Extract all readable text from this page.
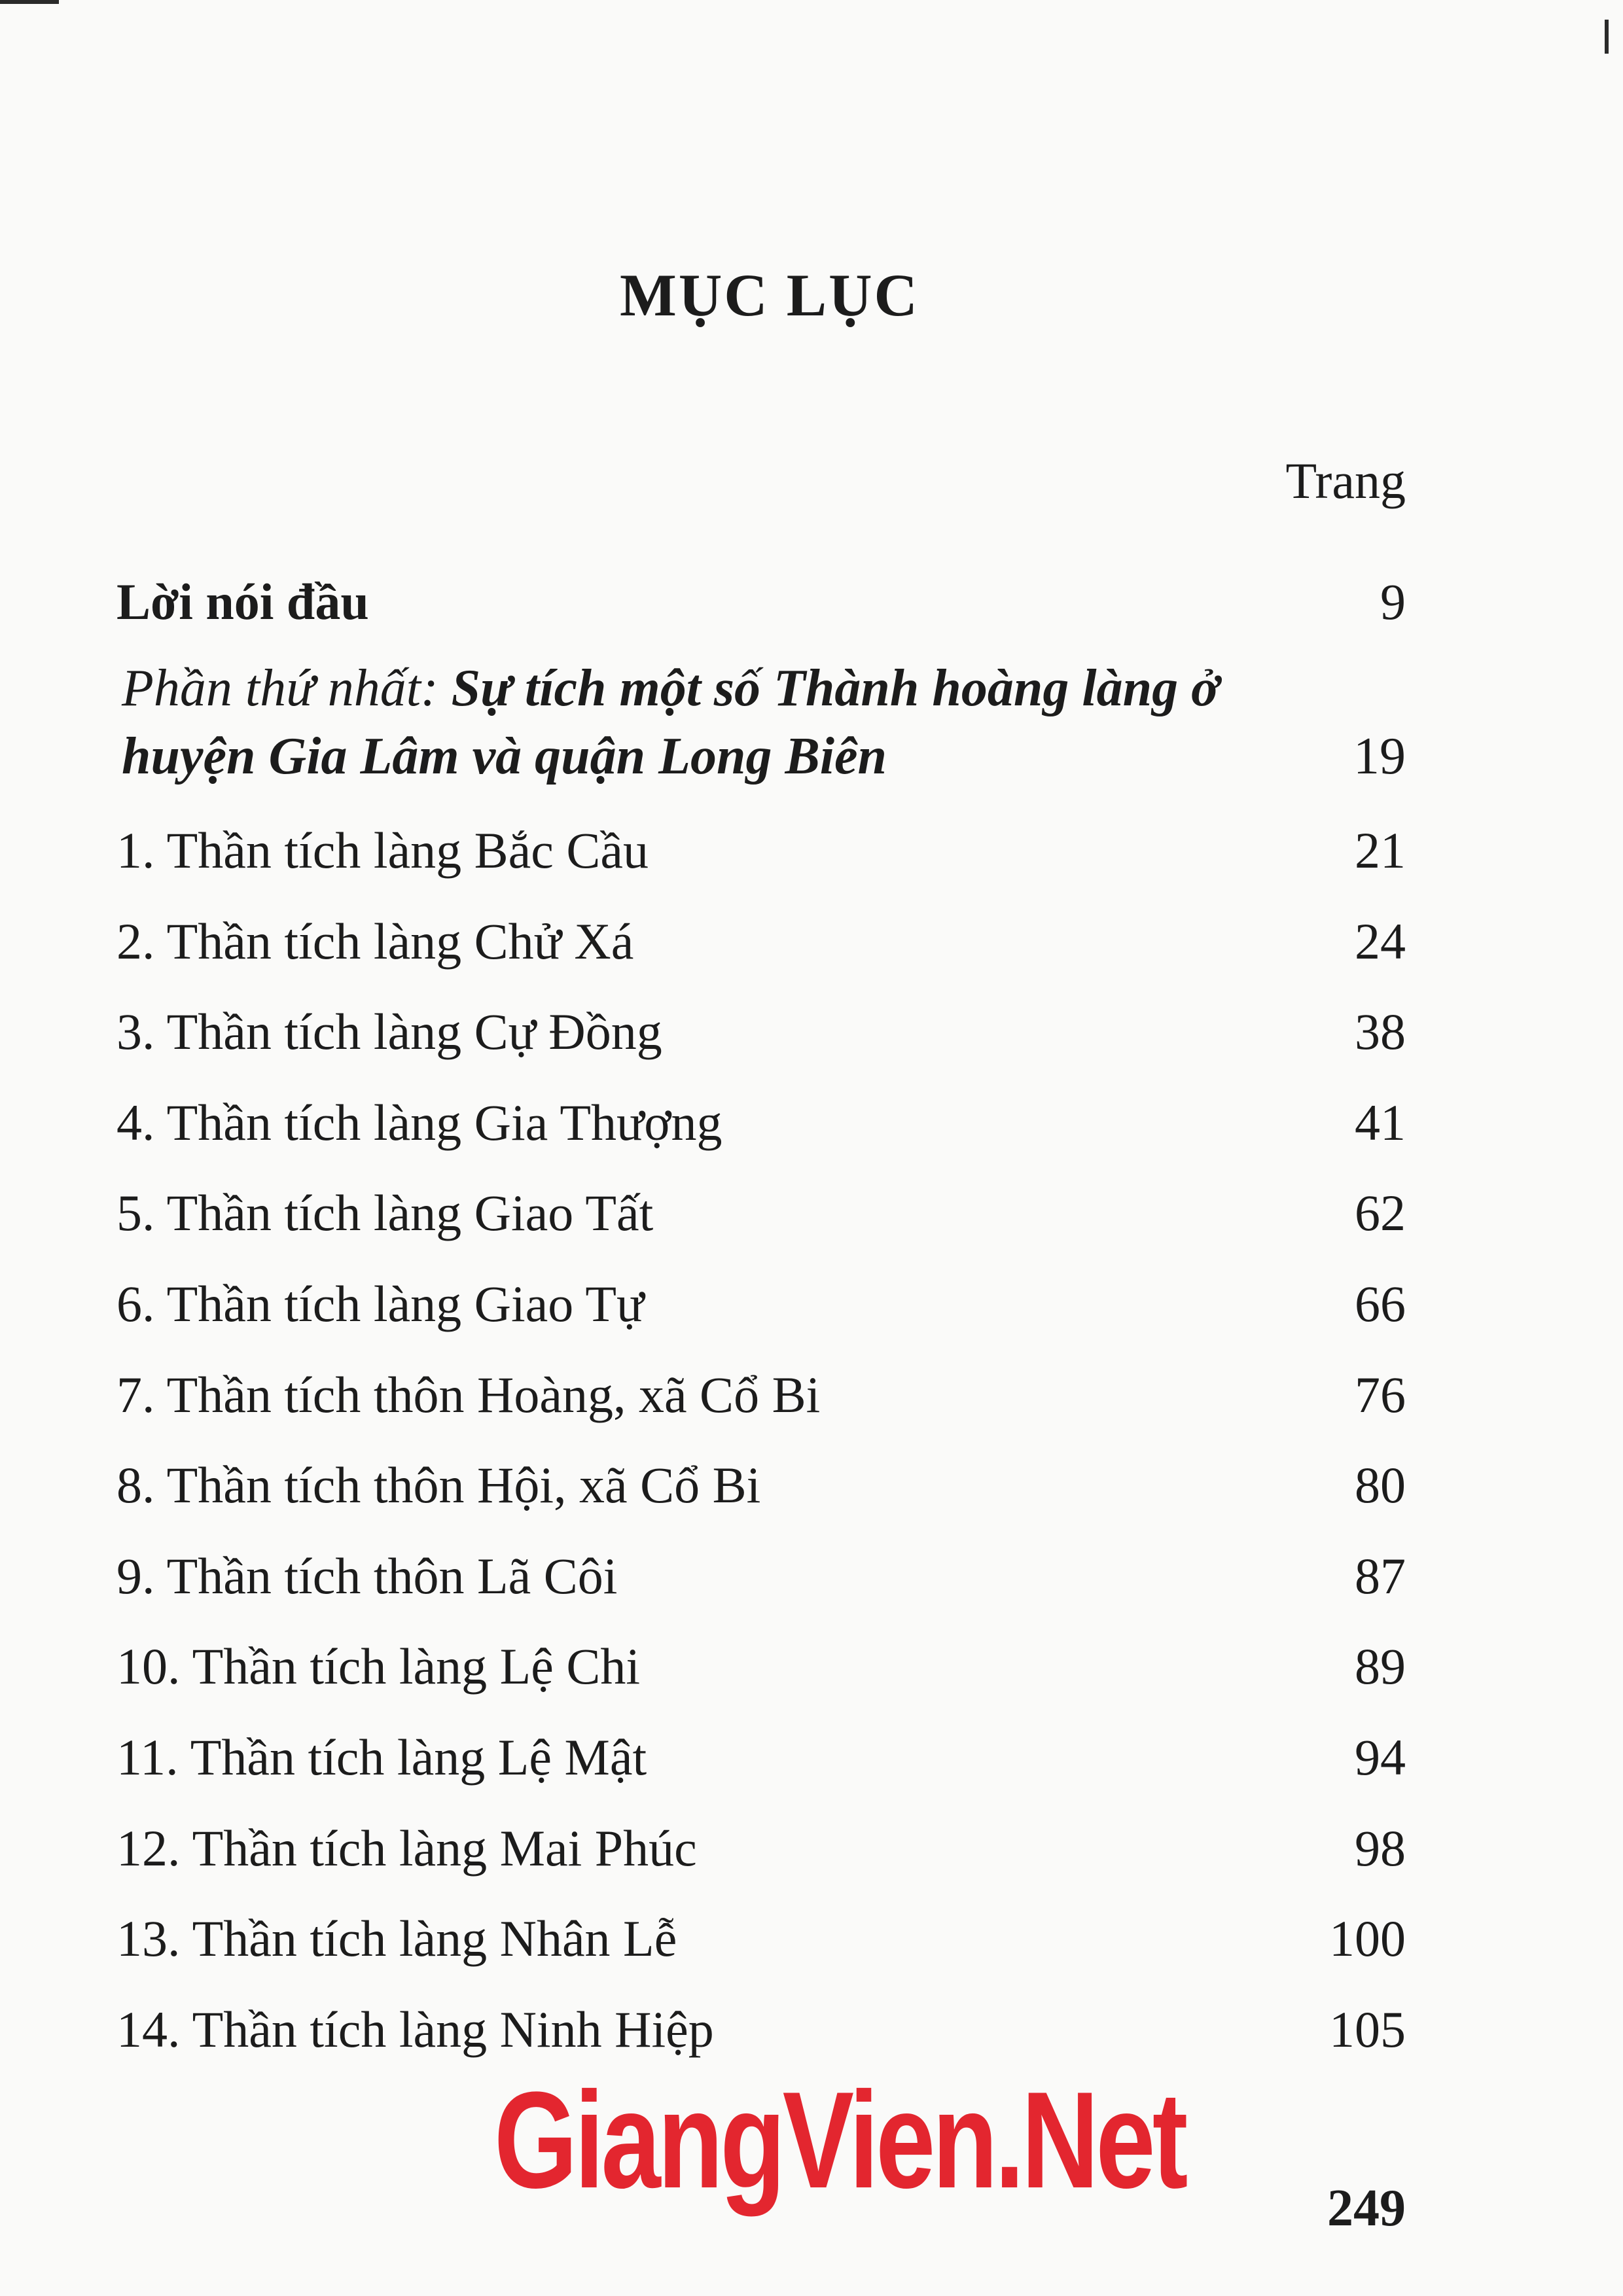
MỤC LỤC
Trang
Lời nói đầu	9
Phần thứ nhất: Sự tích một số Thành hoàng làng ở
huyện Gia Lâm và quận Long Biên	19
1. Thần tích làng Bắc Cầu	21
2. Thần tích làng Chử Xá	24
3. Thần tích làng Cự Đồng	38
4. Thần tích làng Gia Thượng	41
5. Thần tích làng Giao Tất	62
6. Thần tích làng Giao Tự	66
7. Thần tích thôn Hoàng, xã Cổ Bi	76
8. Thần tích thôn Hội, xã Cổ Bi	80
9. Thần tích thôn Lã Côi	87
10. Thần tích làng Lệ Chi	89
11. Thần tích làng Lệ Mật	94
12. Thần tích làng Mai Phúc	98
13. Thần tích làng Nhân Lễ	100
14. Thần tích làng Ninh Hiệp	105
GiangVien.Net	249
